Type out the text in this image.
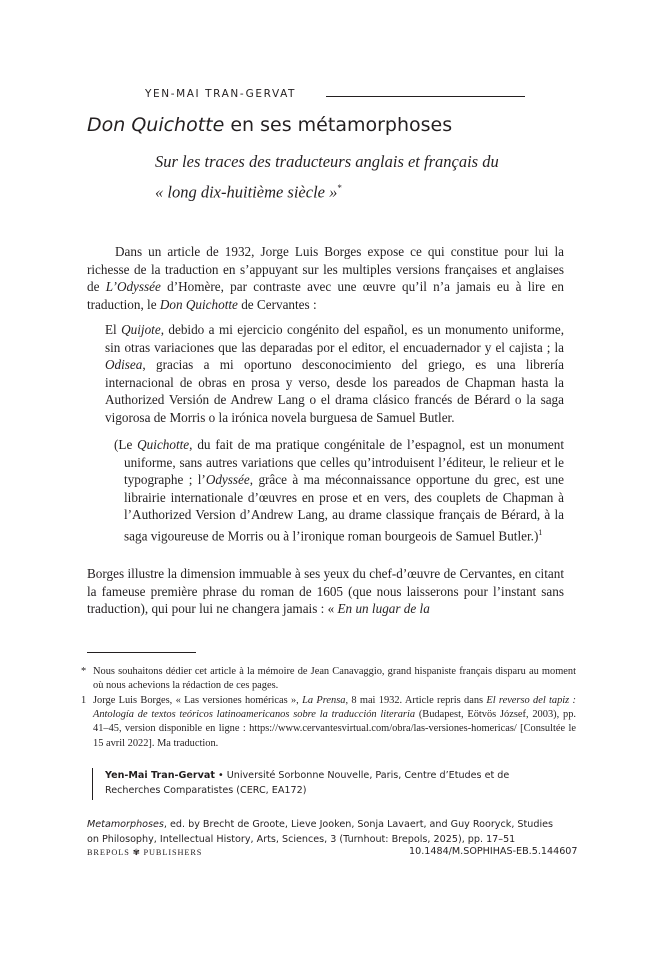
YEN-MAI TRAN-GERVAT
Don Quichotte en ses métamorphoses
Sur les traces des traducteurs anglais et français du
« long dix-huitième siècle »*
Dans un article de 1932, Jorge Luis Borges expose ce qui constitue pour lui la richesse de la traduction en s’appuyant sur les multiples versions françaises et anglaises de L’Odyssée d’Homère, par contraste avec une œuvre qu’il n’a jamais eu à lire en traduction, le Don Quichotte de Cervantes :
El Quijote, debido a mi ejercicio congénito del español, es un monumento uniforme, sin otras variaciones que las deparadas por el editor, el encuadernador y el cajista ; la Odisea, gracias a mi oportuno desconocimiento del griego, es una librería internacional de obras en prosa y verso, desde los pareados de Chapman hasta la Authorized Versión de Andrew Lang o el drama clásico francés de Bérard o la saga vigorosa de Morris o la irónica novela burguesa de Samuel Butler.
(Le Quichotte, du fait de ma pratique congénitale de l’espagnol, est un monument uniforme, sans autres variations que celles qu’introduisent l’éditeur, le relieur et le typographe ; l’Odyssée, grâce à ma méconnaissance opportune du grec, est une librairie internationale d’œuvres en prose et en vers, des couplets de Chapman à l’Authorized Version d’Andrew Lang, au drame classique français de Bérard, à la saga vigoureuse de Morris ou à l’ironique roman bourgeois de Samuel Butler.)$^1$
Borges illustre la dimension immuable à ses yeux du chef-d’œuvre de Cervantes, en citant la fameuse première phrase du roman de 1605 (que nous laisserons pour l’instant sans traduction), qui pour lui ne changera jamais : « En un lugar de la
* Nous souhaitons dédier cet article à la mémoire de Jean Canavaggio, grand hispaniste français disparu au moment où nous achevions la rédaction de ces pages.
1 Jorge Luis Borges, « Las versiones homéricas », La Prensa, 8 mai 1932. Article repris dans El reverso del tapiz : Antología de textos teóricos latinoamericanos sobre la traducción literaria (Budapest, Eötvös József, 2003), pp. 41–45, version disponible en ligne : https://www.cervantesvirtual.com/obra/las-versiones-homericas/ [Consultée le 15 avril 2022]. Ma traduction.
Yen-Mai Tran-Gervat • Université Sorbonne Nouvelle, Paris, Centre d’Etudes et de Recherches Comparatistes (CERC, EA172)
Metamorphoses, ed. by Brecht de Groote, Lieve Jooken, Sonja Lavaert, and Guy Rooryck, Studies on Philosophy, Intellectual History, Arts, Sciences, 3 (Turnhout: Brepols, 2025), pp. 17–51
BREPOLS ✾ PUBLISHERS	10.1484/M.SOPHIHAS-EB.5.144607
